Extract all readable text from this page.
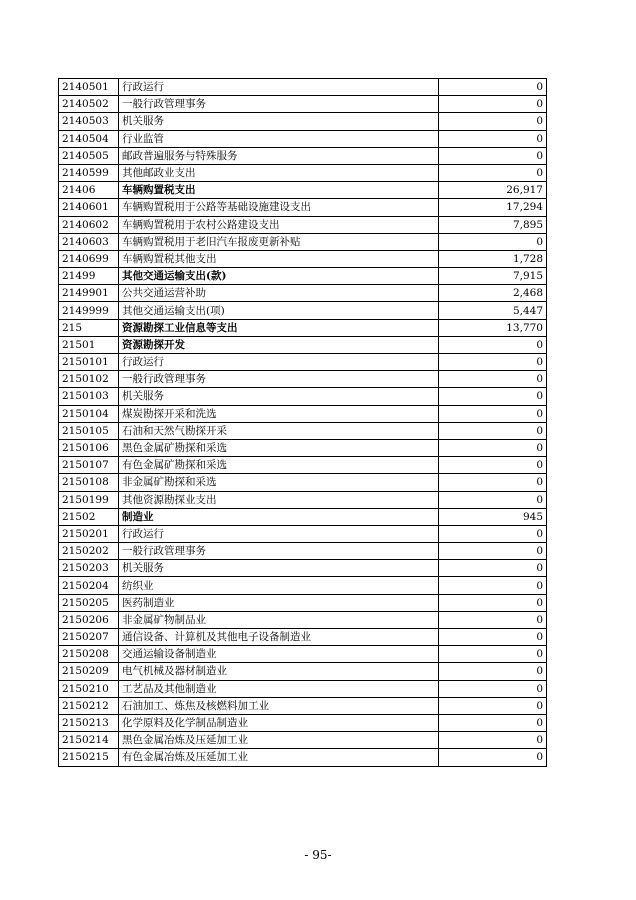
2140501	行政运行	0
2140502	一般行政管理事务	0
2140503	机关服务	0
2140504	行业监管	0
2140505	邮政普遍服务与特殊服务	0
2140599	其他邮政业支出	0
21406	车辆购置税支出	26,917
2140601	车辆购置税用于公路等基础设施建设支出	17,294
2140602	车辆购置税用于农村公路建设支出	7,895
2140603	车辆购置税用于老旧汽车报废更新补贴	0
2140699	车辆购置税其他支出	1,728
21499	其他交通运输支出(款)	7,915
2149901	公共交通运营补助	2,468
2149999	其他交通运输支出(项)	5,447
215	资源勘探工业信息等支出	13,770
21501	资源勘探开发	0
2150101	行政运行	0
2150102	一般行政管理事务	0
2150103	机关服务	0
2150104	煤炭勘探开采和洗选	0
2150105	石油和天然气勘探开采	0
2150106	黑色金属矿勘探和采选	0
2150107	有色金属矿勘探和采选	0
2150108	非金属矿勘探和采选	0
2150199	其他资源勘探业支出	0
21502	制造业	945
2150201	行政运行	0
2150202	一般行政管理事务	0
2150203	机关服务	0
2150204	纺织业	0
2150205	医药制造业	0
2150206	非金属矿物制品业	0
2150207	通信设备、计算机及其他电子设备制造业	0
2150208	交通运输设备制造业	0
2150209	电气机械及器材制造业	0
2150210	工艺品及其他制造业	0
2150212	石油加工、炼焦及核燃料加工业	0
2150213	化学原料及化学制品制造业	0
2150214	黑色金属冶炼及压延加工业	0
2150215	有色金属冶炼及压延加工业	0
- 95-
